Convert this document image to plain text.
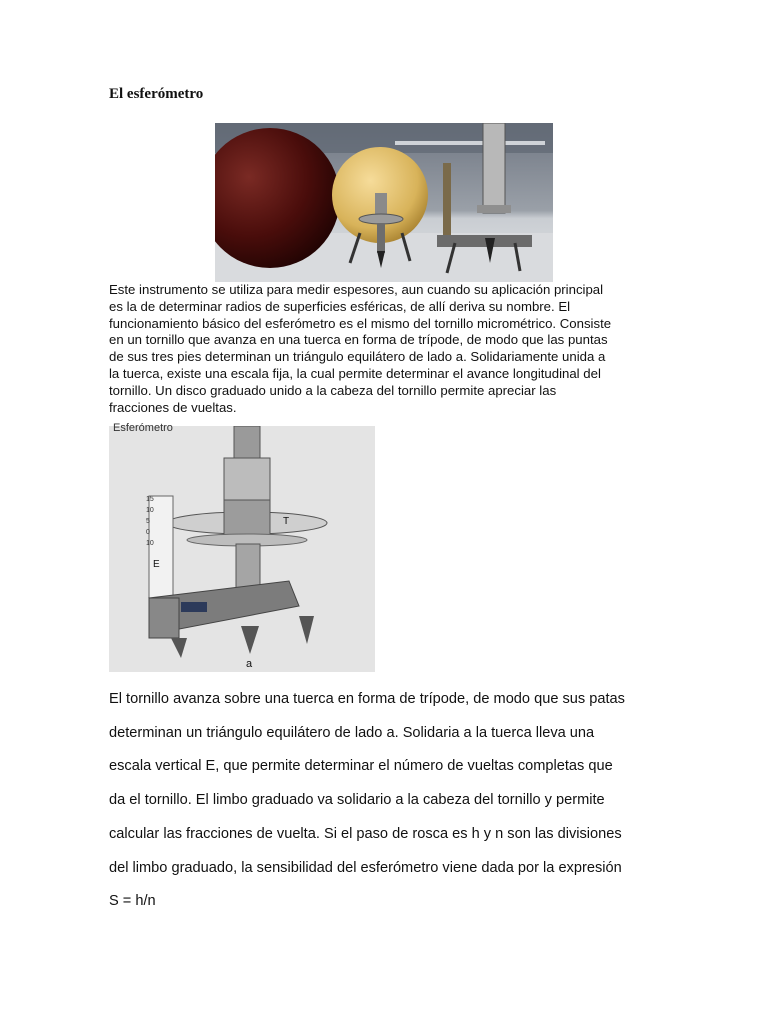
El esferómetro

Este instrumento se utiliza para medir espesores, aun cuando su aplicación principal
es la de determinar radios de superficies esféricas, de allí deriva su nombre. El
funcionamiento básico del esferómetro es el mismo del tornillo micrométrico. Consiste
en un tornillo que avanza en una tuerca en forma de trípode, de modo que las puntas
de sus tres pies determinan un triángulo equilátero de lado a. Solidariamente unida a
la tuerca, existe una escala fija, la cual permite determinar el avance longitudinal del
tornillo. Un disco graduado unido a la cabeza del tornillo permite apreciar las
fracciones de vueltas.

Esferómetro
15
10
5
0
10
E
T
a

El tornillo avanza sobre una tuerca en forma de trípode, de modo que sus patas
determinan un triángulo equilátero de lado a. Solidaria a la tuerca lleva una
escala vertical E, que permite determinar el número de vueltas completas que
da el tornillo. El limbo graduado va solidario a la cabeza del tornillo y permite
calcular las fracciones de vuelta. Si el paso de rosca es h y n son las divisiones
del limbo graduado, la sensibilidad del esferómetro viene dada por la expresión
S = h/n
